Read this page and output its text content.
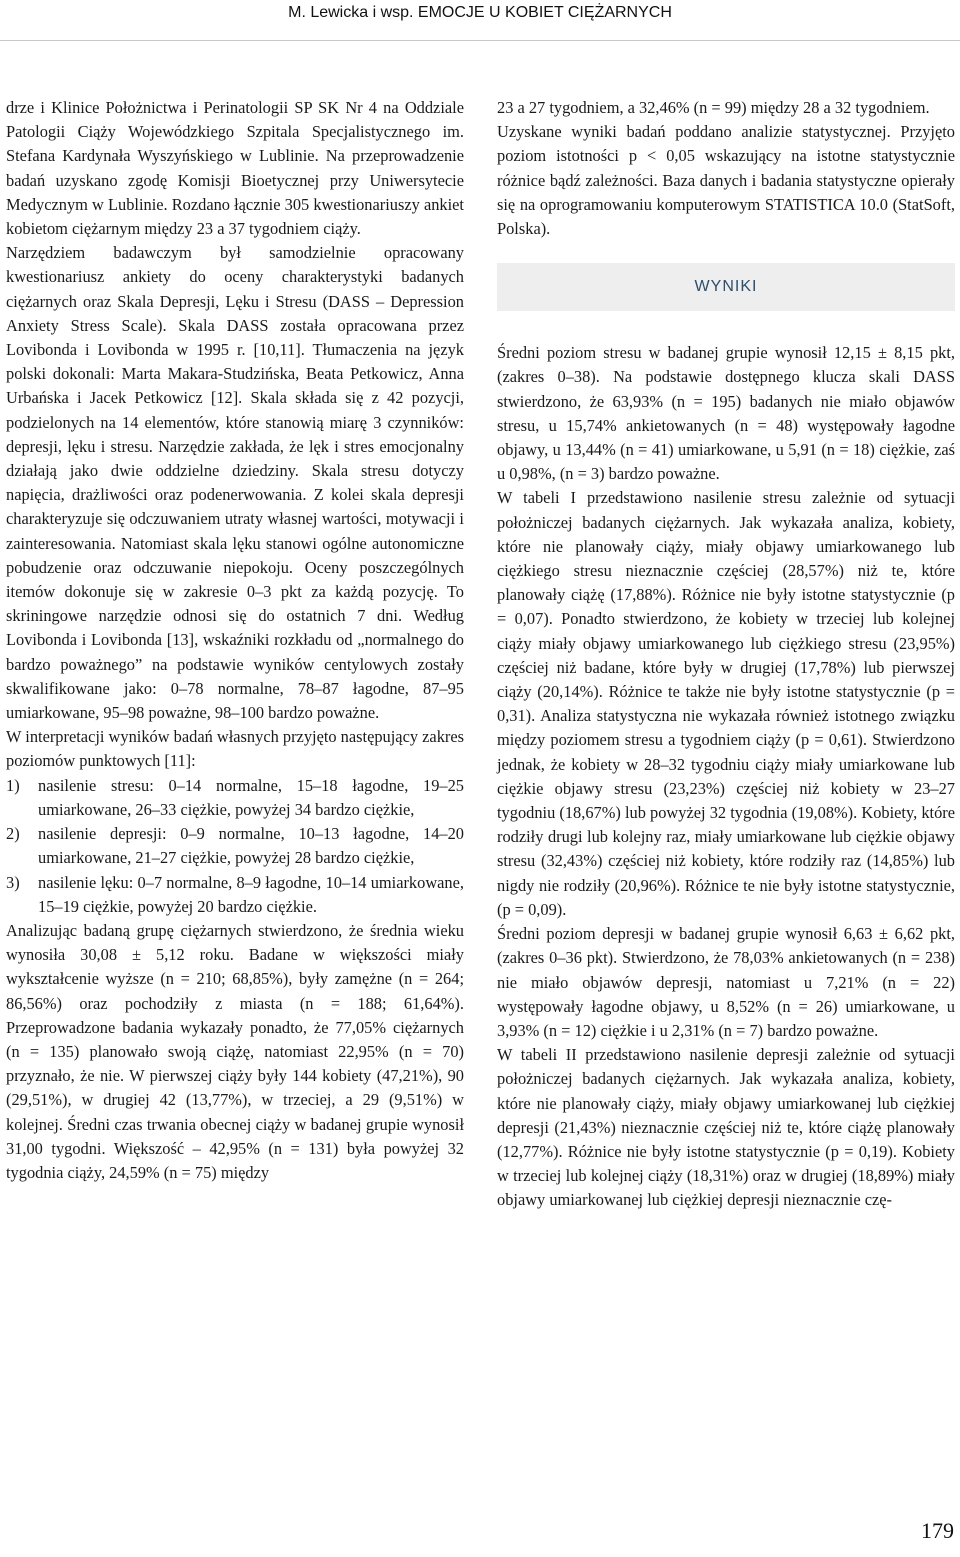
M. Lewicka i wsp. EMOCJE U KOBIET CIĘŻARNYCH

drze i Klinice Położnictwa i Perinatologii SP SK Nr 4 na Oddziale Patologii Ciąży Wojewódzkiego Szpitala Specjalistycznego im. Stefana Kardynała Wyszyńskiego w Lublinie. Na przeprowadzenie badań uzyskano zgodę Komisji Bioetycznej przy Uniwersytecie Medycznym w Lublinie. Rozdano łącznie 305 kwestionariuszy ankiet kobietom ciężarnym między 23 a 37 tygodniem ciąży.

Narzędziem badawczym był samodzielnie opracowany kwestionariusz ankiety do oceny charakterystyki badanych ciężarnych oraz Skala Depresji, Lęku i Stresu (DASS – Depression Anxiety Stress Scale). Skala DASS została opracowana przez Lovibonda i Lovibonda w 1995 r. [10,11]. Tłumaczenia na język polski dokonali: Marta Makara-Studzińska, Beata Petkowicz, Anna Urbańska i Jacek Petkowicz [12]. Skala składa się z 42 pozycji, podzielonych na 14 elementów, które stanowią miarę 3 czynników: depresji, lęku i stresu. Narzędzie zakłada, że lęk i stres emocjonalny działają jako dwie oddzielne dziedziny. Skala stresu dotyczy napięcia, drażliwości oraz podenerwowania. Z kolei skala depresji charakteryzuje się odczuwaniem utraty własnej wartości, motywacji i zainteresowania. Natomiast skala lęku stanowi ogólne autonomiczne pobudzenie oraz odczuwanie niepokoju. Oceny poszczególnych itemów dokonuje się w zakresie 0–3 pkt za każdą pozycję. To skriningowe narzędzie odnosi się do ostatnich 7 dni. Według Lovibonda i Lovibonda [13], wskaźniki rozkładu od „normalnego do bardzo poważnego” na podstawie wyników centylowych zostały skwalifikowane jako: 0–78 normalne, 78–87 łagodne, 87–95 umiarkowane, 95–98 poważne, 98–100 bardzo poważne.

W interpretacji wyników badań własnych przyjęto następujący zakres poziomów punktowych [11]:

1)	nasilenie stresu: 0–14 normalne, 15–18 łagodne, 19–25 umiarkowane, 26–33 ciężkie, powyżej 34 bardzo ciężkie,
2)	nasilenie depresji: 0–9 normalne, 10–13 łagodne, 14–20 umiarkowane, 21–27 ciężkie, powyżej 28 bardzo ciężkie,
3)	nasilenie lęku: 0–7 normalne, 8–9 łagodne, 10–14 umiarkowane, 15–19 ciężkie, powyżej 20 bardzo ciężkie.

Analizując badaną grupę ciężarnych stwierdzono, że średnia wieku wynosiła 30,08 ± 5,12 roku. Badane w większości miały wykształcenie wyższe (n = 210; 68,85%), były zamężne (n = 264; 86,56%) oraz pochodziły z miasta (n = 188; 61,64%). Przeprowadzone badania wykazały ponadto, że 77,05% ciężarnych (n = 135) planowało swoją ciążę, natomiast 22,95% (n = 70) przyznało, że nie. W pierwszej ciąży były 144 kobiety (47,21%), 90 (29,51%), w drugiej 42 (13,77%), w trzeciej, a 29 (9,51%) w kolejnej. Średni czas trwania obecnej ciąży w badanej grupie wynosił 31,00 tygodni. Większość – 42,95% (n = 131) była powyżej 32 tygodnia ciąży, 24,59% (n = 75) między

23 a 27 tygodniem, a 32,46% (n = 99) między 28 a 32 tygodniem.

Uzyskane wyniki badań poddano analizie statystycznej. Przyjęto poziom istotności p < 0,05 wskazujący na istotne statystycznie różnice bądź zależności. Baza danych i badania statystyczne opierały się na oprogramowaniu komputerowym STATISTICA 10.0 (StatSoft, Polska).

WYNIKI

Średni poziom stresu w badanej grupie wynosił 12,15 ± 8,15 pkt, (zakres 0–38). Na podstawie dostępnego klucza skali DASS stwierdzono, że 63,93% (n = 195) badanych nie miało objawów stresu, u 15,74% ankietowanych (n = 48) występowały łagodne objawy, u 13,44% (n = 41) umiarkowane, u 5,91 (n = 18) ciężkie, zaś u 0,98%, (n = 3) bardzo poważne.

W tabeli I przedstawiono nasilenie stresu zależnie od sytuacji położniczej badanych ciężarnych. Jak wykazała analiza, kobiety, które nie planowały ciąży, miały objawy umiarkowanego lub ciężkiego stresu nieznacznie częściej (28,57%) niż te, które planowały ciążę (17,88%). Różnice nie były istotne statystycznie (p = 0,07). Ponadto stwierdzono, że kobiety w trzeciej lub kolejnej ciąży miały objawy umiarkowanego lub ciężkiego stresu (23,95%) częściej niż badane, które były w drugiej (17,78%) lub pierwszej ciąży (20,14%). Różnice te także nie były istotne statystycznie (p = 0,31). Analiza statystyczna nie wykazała również istotnego związku między poziomem stresu a tygodniem ciąży (p = 0,61). Stwierdzono jednak, że kobiety w 28–32 tygodniu ciąży miały umiarkowane lub ciężkie objawy stresu (23,23%) częściej niż kobiety w 23–27 tygodniu (18,67%) lub powyżej 32 tygodnia (19,08%). Kobiety, które rodziły drugi lub kolejny raz, miały umiarkowane lub ciężkie objawy stresu (32,43%) częściej niż kobiety, które rodziły raz (14,85%) lub nigdy nie rodziły (20,96%). Różnice te nie były istotne statystycznie, (p = 0,09).

Średni poziom depresji w badanej grupie wynosił 6,63 ± 6,62 pkt, (zakres 0–36 pkt). Stwierdzono, że 78,03% ankietowanych (n = 238) nie miało objawów depresji, natomiast u 7,21% (n = 22) występowały łagodne objawy, u 8,52% (n = 26) umiarkowane, u 3,93% (n = 12) ciężkie i u 2,31% (n = 7) bardzo poważne.

W tabeli II przedstawiono nasilenie depresji zależnie od sytuacji położniczej badanych ciężarnych. Jak wykazała analiza, kobiety, które nie planowały ciąży, miały objawy umiarkowanej lub ciężkiej depresji (21,43%) nieznacznie częściej niż te, które ciążę planowały (12,77%). Różnice nie były istotne statystycznie (p = 0,19). Kobiety w trzeciej lub kolejnej ciąży (18,31%) oraz w drugiej (18,89%) miały objawy umiarkowanej lub ciężkiej depresji nieznacznie czę-

179
